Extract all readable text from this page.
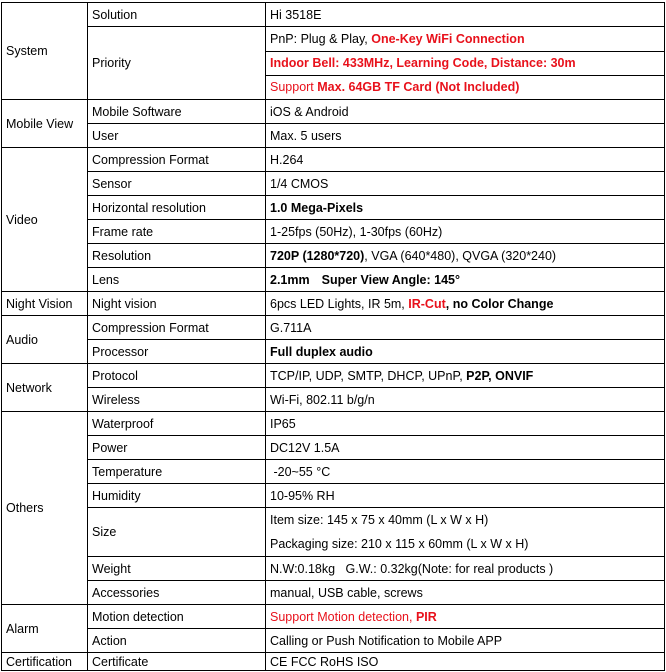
System	Solution	Hi 3518E
	Priority	PnP: Plug & Play, One-Key WiFi Connection
Indoor Bell: 433MHz, Learning Code, Distance: 30m
Support Max. 64GB TF Card (Not Included)

Mobile View	Mobile Software	iOS & Android
	User	Max. 5 users
Video	Compression Format	H.264
	Sensor	1/4 CMOS
	Horizontal resolution	1.0 Mega-Pixels
	Frame rate	1-25fps (50Hz), 1-30fps (60Hz)
	Resolution	720P (1280*720), VGA (640*480), QVGA (320*240)
	Lens	2.1mm Super View Angle: 145°
Night Vision	Night vision	6pcs LED Lights, IR 5m, IR-Cut, no Color Change
Audio	Compression Format	G.711A
	Processor	Full duplex audio
Network	Protocol	TCP/IP, UDP, SMTP, DHCP, UPnP, P2P, ONVIF
	Wireless	Wi-Fi, 802.11 b/g/n
Others	Waterproof	IP65
	Power	DC12V 1.5A
	Temperature	-20~55 °C
	Humidity	10-95% RH
	Size	Item size: 145 x 75 x 40mm (L x W x H)
Packaging size: 210 x 115 x 60mm (L x W x H)

	Weight	N.W:0.18kg   G.W.: 0.32kg(Note: for real products )
	Accessories	manual, USB cable, screws
Alarm	Motion detection	Support Motion detection, PIR
	Action	Calling or Push Notification to Mobile APP
Certification	Certificate	CE FCC RoHS ISO
